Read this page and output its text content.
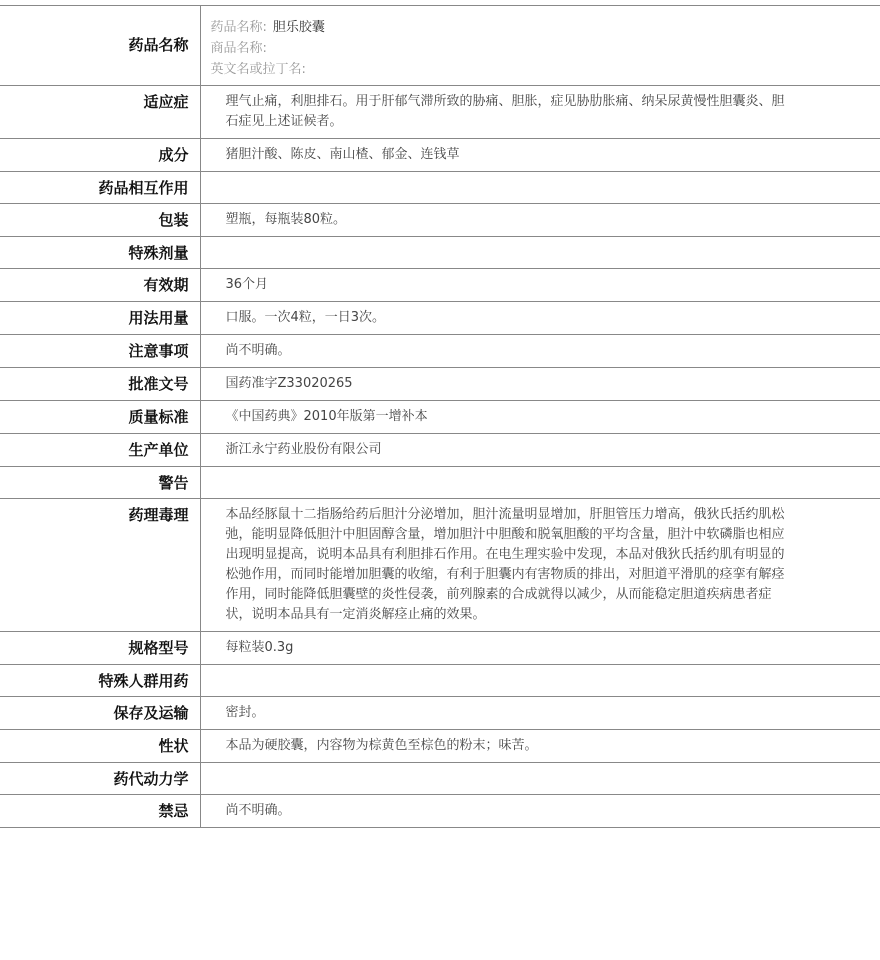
药品名称	药品名称: 胆乐胶囊
商品名称:
英文名或拉丁名:

适应症	理气止痛，利胆排石。用于肝郁气滞所致的胁痛、胆胀，症见胁肋胀痛、纳呆尿黄慢性胆囊炎、胆石症见上述证候者。
成分	猪胆汁酸、陈皮、南山楂、郁金、连钱草
药品相互作用	
包装	塑瓶，每瓶装80粒。
特殊剂量	
有效期	36个月
用法用量	口服。一次4粒，一日3次。
注意事项	尚不明确。
批准文号	国药准字Z33020265
质量标准	《中国药典》2010年版第一增补本
生产单位	浙江永宁药业股份有限公司
警告	
药理毒理	本品经豚鼠十二指肠给药后胆汁分泌增加，胆汁流量明显增加，肝胆管压力增高，俄狄氏括约肌松弛，能明显降低胆汁中胆固醇含量，增加胆汁中胆酸和脱氧胆酸的平均含量，胆汁中软磷脂也相应出现明显提高，说明本品具有利胆排石作用。在电生理实验中发现，本品对俄狄氏括约肌有明显的松弛作用，而同时能增加胆囊的收缩，有利于胆囊内有害物质的排出，对胆道平滑肌的痉挛有解痉作用，同时能降低胆囊壁的炎性侵袭，前列腺素的合成就得以减少，从而能稳定胆道疾病患者症状，说明本品具有一定消炎解痉止痛的效果。
规格型号	每粒装0.3g
特殊人群用药	
保存及运输	密封。
性状	本品为硬胶囊，内容物为棕黄色至棕色的粉末；味苦。
药代动力学	
禁忌	尚不明确。
